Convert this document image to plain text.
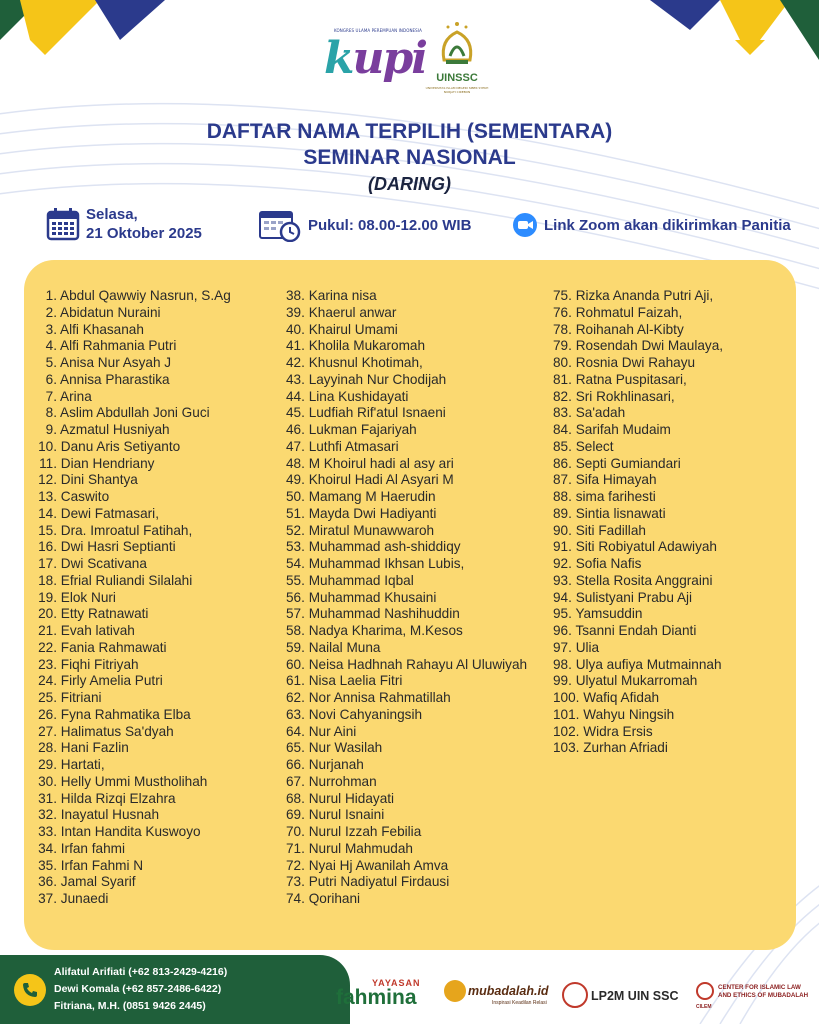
KONGRES ULAMA PEREMPUAN INDONESIA
kupi UINSSC
UNIVERSITAS ISLAM NEGERI SIBER SYEKH NURJATI CIREBON
DAFTAR NAMA TERPILIH (SEMENTARA)
SEMINAR NASIONAL
(DARING)
Selasa,
21 Oktober 2025	Pukul: 08.00-12.00 WIB	Link Zoom akan dikirimkan Panitia
1. Abdul Qawwiy Nasrun, S.Ag
2. Abidatun Nuraini
3. Alfi Khasanah
4. Alfi Rahmania Putri
5. Anisa Nur Asyah J
6. Annisa Pharastika
7. Arina
8. Aslim Abdullah Joni Guci
9. Azmatul Husniyah
10. Danu Aris Setiyanto
11. Dian Hendriany
12. Dini Shantya
13. Caswito
14. Dewi Fatmasari,
15. Dra. Imroatul Fatihah,
16. Dwi Hasri Septianti
17. Dwi Scativana
18. Efrial Ruliandi Silalahi
19. Elok Nuri
20. Etty Ratnawati
21. Evah lativah
22. Fania Rahmawati
23. Fiqhi Fitriyah
24. Firly Amelia Putri
25. Fitriani
26. Fyna Rahmatika Elba
27. Halimatus Sa'dyah
28. Hani Fazlin
29. Hartati,
30. Helly Ummi Mustholihah
31. Hilda Rizqi Elzahra
32. Inayatul Husnah
33. Intan Handita Kuswoyo
34. Irfan fahmi
35. Irfan Fahmi N
36. Jamal Syarif
37. Junaedi
38. Karina nisa
39. Khaerul anwar
40. Khairul Umami
41. Kholila Mukaromah
42. Khusnul Khotimah,
43. Layyinah Nur Chodijah
44. Lina Kushidayati
45. Ludfiah Rif'atul Isnaeni
46. Lukman Fajariyah
47. Luthfi Atmasari
48. M Khoirul hadi al asy ari
49. Khoirul Hadi Al Asyari M
50. Mamang M Haerudin
51. Mayda Dwi Hadiyanti
52. Miratul Munawwaroh
53. Muhammad ash-shiddiqy
54. Muhammad Ikhsan Lubis,
55. Muhammad Iqbal
56. Muhammad Khusaini
57. Muhammad Nashihuddin
58. Nadya Kharima, M.Kesos
59. Nailal Muna
60. Neisa Hadhnah Rahayu Al Uluwiyah
61. Nisa Laelia Fitri
62. Nor Annisa Rahmatillah
63. Novi Cahyaningsih
64. Nur Aini
65. Nur Wasilah
66. Nurjanah
67. Nurrohman
68. Nurul Hidayati
69. Nurul Isnaini
70. Nurul Izzah Febilia
71. Nurul Mahmudah
72. Nyai Hj Awanilah Amva
73. Putri Nadiyatul Firdausi
74. Qorihani
75. Rizka Ananda Putri Aji,
76. Rohmatul Faizah,
78. Roihanah Al-Kibty
79. Rosendah Dwi Maulaya,
80. Rosnia Dwi Rahayu
81. Ratna Puspitasari,
82. Sri Rokhlinasari,
83. Sa'adah
84. Sarifah Mudaim
85. Select
86. Septi Gumiandari
87. Sifa Himayah
88. sima farihesti
89. Sintia lisnawati
90. Siti Fadillah
91. Siti Robiyatul Adawiyah
92. Sofia Nafis
93. Stella Rosita Anggraini
94. Sulistyani Prabu Aji
95. Yamsuddin
96. Tsanni Endah Dianti
97. Ulia
98. Ulya aufiya Mutmainnah
99. Ulyatul Mukarromah
100. Wafiq Afidah
101. Wahyu Ningsih
102. Widra Ersis
103. Zurhan Afriadi
Alifatul Arifiati (+62 813-2429-4216)
Dewi Komala (+62 857-2486-6422)
Fitriana, M.H. (0851 9426 2445)
YAYASAN
fahmina	mubadalah.id
Inspirasi Keadilan Relasi	LP2M UIN SSC
CENTER FOR ISLAMIC LAW
AND ETHICS OF MUBADALAH
CILEM
